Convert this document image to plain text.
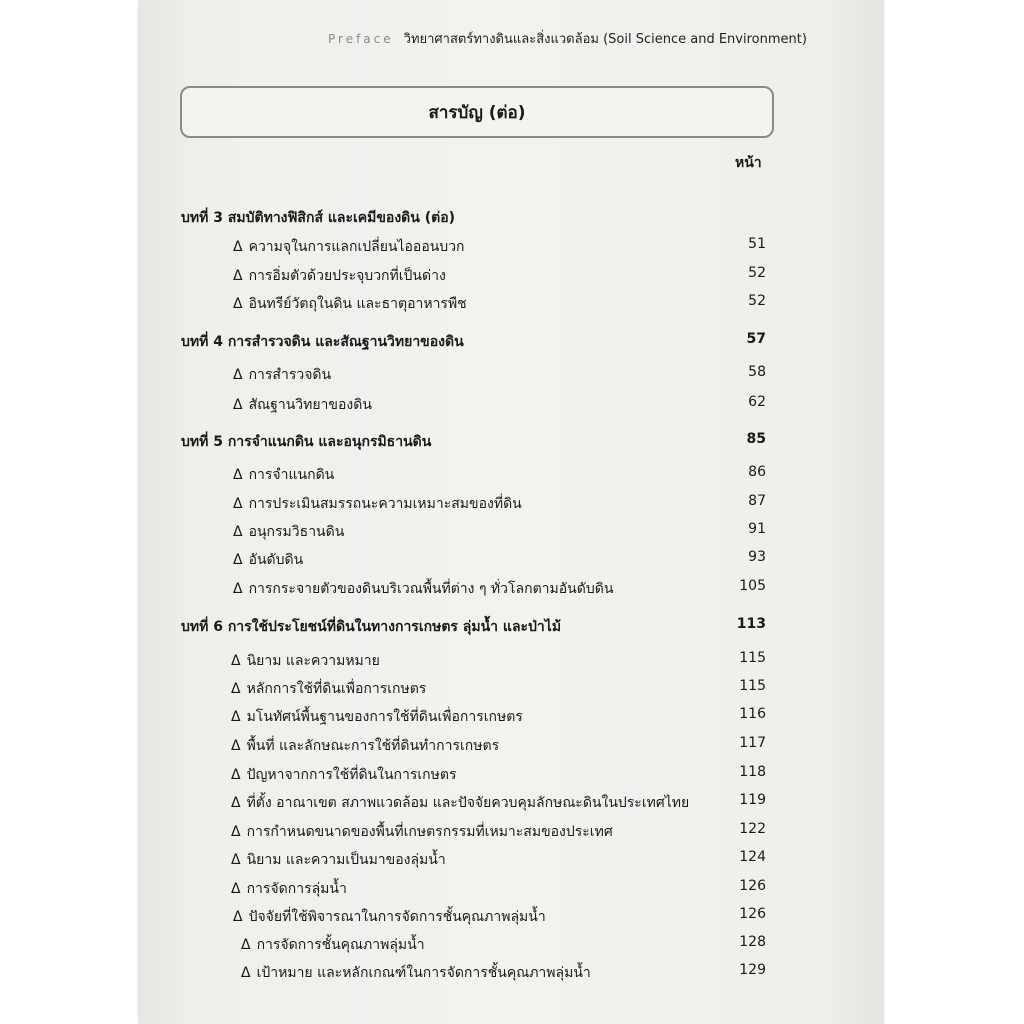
Preface วิทยาศาสตร์ทางดินและสิ่งแวดล้อม (Soil Science and Environment)
สารบัญ (ต่อ)
หน้า
บทที่ 3 สมบัติทางฟิสิกส์ และเคมีของดิน (ต่อ)
Δ ความจุในการแลกเปลี่ยนไอออนบวก	51
Δ การอิ่มตัวด้วยประจุบวกที่เป็นด่าง	52
Δ อินทรีย์วัตถุในดิน และธาตุอาหารพืช	52
บทที่ 4 การสำรวจดิน และสัณฐานวิทยาของดิน	57
Δ การสำรวจดิน	58
Δ สัณฐานวิทยาของดิน	62
บทที่ 5 การจำแนกดิน และอนุกรมิธานดิน	85
Δ การจำแนกดิน	86
Δ การประเมินสมรรถนะความเหมาะสมของที่ดิน	87
Δ อนุกรมวิธานดิน	91
Δ อันดับดิน	93
Δ การกระจายตัวของดินบริเวณพื้นที่ต่าง ๆ ทั่วโลกตามอันดับดิน	105
บทที่ 6 การใช้ประโยชน์ที่ดินในทางการเกษตร ลุ่มน้ำ และป่าไม้	113
Δ นิยาม และความหมาย	115
Δ หลักการใช้ที่ดินเพื่อการเกษตร	115
Δ มโนทัศน์พื้นฐานของการใช้ที่ดินเพื่อการเกษตร	116
Δ พื้นที่ และลักษณะการใช้ที่ดินทำการเกษตร	117
Δ ปัญหาจากการใช้ที่ดินในการเกษตร	118
Δ ที่ตั้ง อาณาเขต สภาพแวดล้อม และปัจจัยควบคุมลักษณะดินในประเทศไทย	119
Δ การกำหนดขนาดของพื้นที่เกษตรกรรมที่เหมาะสมของประเทศ	122
Δ นิยาม และความเป็นมาของลุ่มน้ำ	124
Δ การจัดการลุ่มน้ำ	126
Δ ปัจจัยที่ใช้พิจารณาในการจัดการชั้นคุณภาพลุ่มน้ำ	126
Δ การจัดการชั้นคุณภาพลุ่มน้ำ	128
Δ เป้าหมาย และหลักเกณฑ์ในการจัดการชั้นคุณภาพลุ่มน้ำ	129
